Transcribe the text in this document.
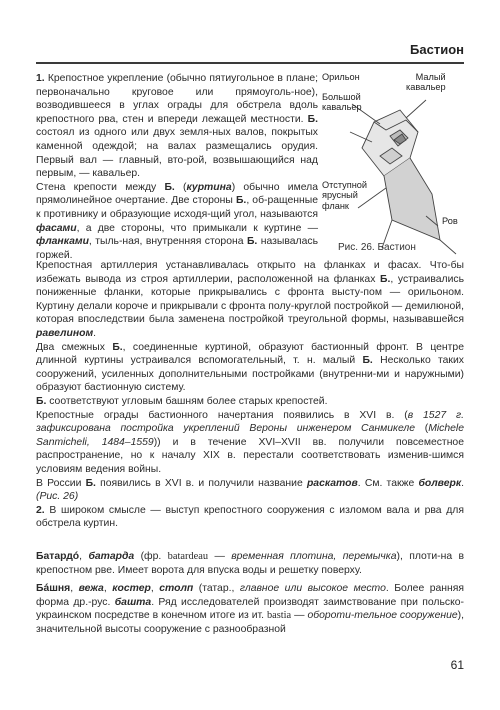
Бастион
Орильон	Малый
кавальер
Большой
кавальер
Отступной
ярусный
фланк
Ров
Рис. 26. Бастион

1. Крепостное укрепление (обычно пятиугольное в плане; первоначально круговое или прямоуголь-ное), возводившееся в углах ограды для обстрела вдоль крепостного рва, стен и впереди лежащей местности. Б. состоял из одного или двух земля-ных валов, покрытых каменной одеждой; на валах размещались орудия. Первый вал — главный, вто-рой, возвышающийся над первым, — кавальер.

Стена крепости между Б. (куртина) обычно имела прямолинейное очертание. Две стороны Б., об-ращенные к противнику и образующие исходя-щий угол, называются фасами, а две стороны, что примыкали к куртине — фланками, тыль-ная, внутренняя сторона Б. называлась горжей.

Крепостная артиллерия устанавливалась открыто на фланках и фасах. Что-бы избежать вывода из строя артиллерии, расположенной на фланках Б., устраивались пониженные фланки, которые прикрывались с фронта высту-пом — орильоном. Куртину делали короче и прикрывали с фронта полу-круглой постройкой — демилюной, которая впоследствии была заменена постройкой треугольной формы, называвшейся равелином.

Два смежных Б., соединенные куртиной, образуют бастионный фронт. В центре длинной куртины устраивался вспомогательный, т. н. малый Б. Несколько таких сооружений, усиленных дополнительными постройками (внутренни-ми и наружными) образуют бастионную систему.

Б. соответствуют угловым башням более старых крепостей.

Крепостные ограды бастионного начертания появились в XVI в. (в 1527 г. зафиксирована постройка укреплений Вероны инженером Санмикеле (Michele Sanmicheli, 1484–1559)) и в течение XVI–XVII вв. получили повсеместное распространение, но к началу XIX в. перестали соответствовать изменив-шимся условиям ведения войны.

В России Б. появились в XVI в. и получили название раскатов. См. также болверк. (Рис. 26)

2. В широком смысле — выступ крепостного сооружения с изломом вала и рва для обстрела куртин.

Батардó, батарда (фр. batardeau — временная плотина, перемычка), плоти-на в крепостном рве. Имеет ворота для впуска воды и решетку поверху.

Бáшня, вежа, костер, столп (татар., главное или высокое место. Более ранняя форма др.-рус. башта. Ряд исследователей производят заимствование при польско-украинском посредстве в конечном итоге из ит. bastia — обороти-тельное сооружение), значительной высоты сооружение с разнообразной

61
